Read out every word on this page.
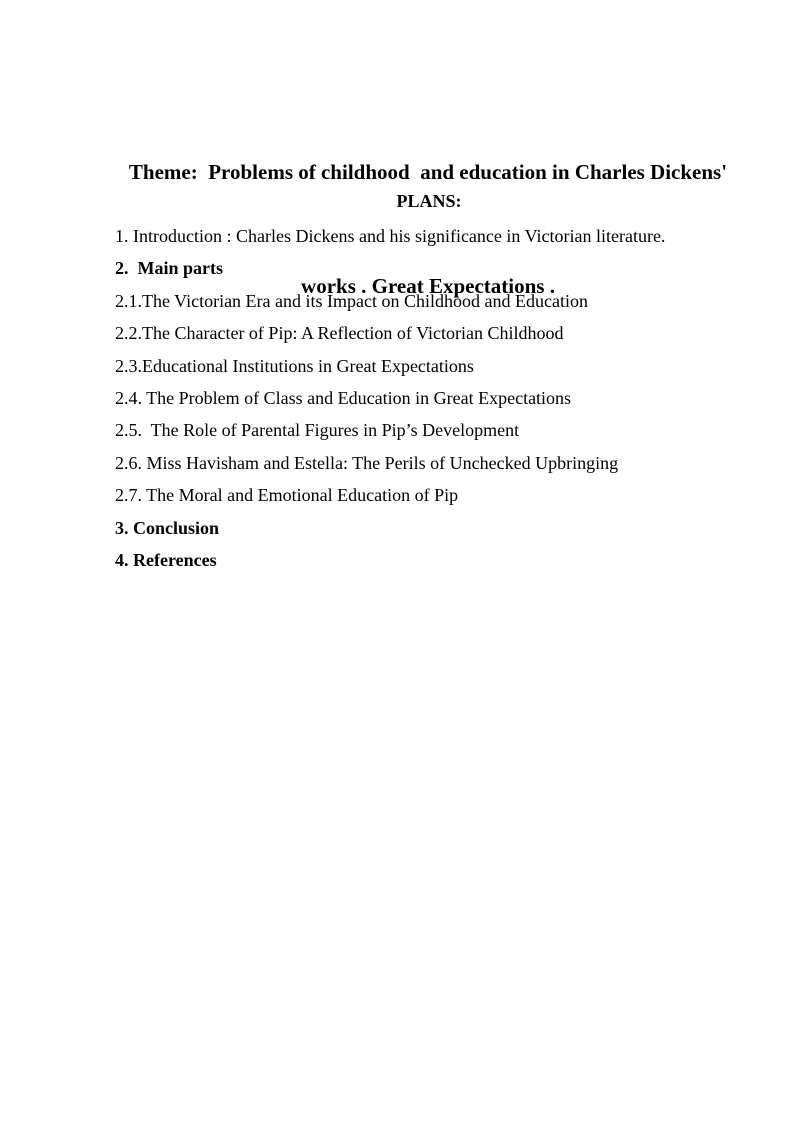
Theme:  Problems of childhood  and education in Charles Dickens'

works . Great Expectations .

PLANS:
1. Introduction : Charles Dickens and his significance in Victorian literature.
2.  Main parts
2.1.The Victorian Era and its Impact on Childhood and Education
2.2.The Character of Pip: A Reflection of Victorian Childhood
2.3.Educational Institutions in Great Expectations
2.4. The Problem of Class and Education in Great Expectations
2.5.  The Role of Parental Figures in Pip’s Development
2.6. Miss Havisham and Estella: The Perils of Unchecked Upbringing
2.7. The Moral and Emotional Education of Pip
3. Conclusion
4. References
